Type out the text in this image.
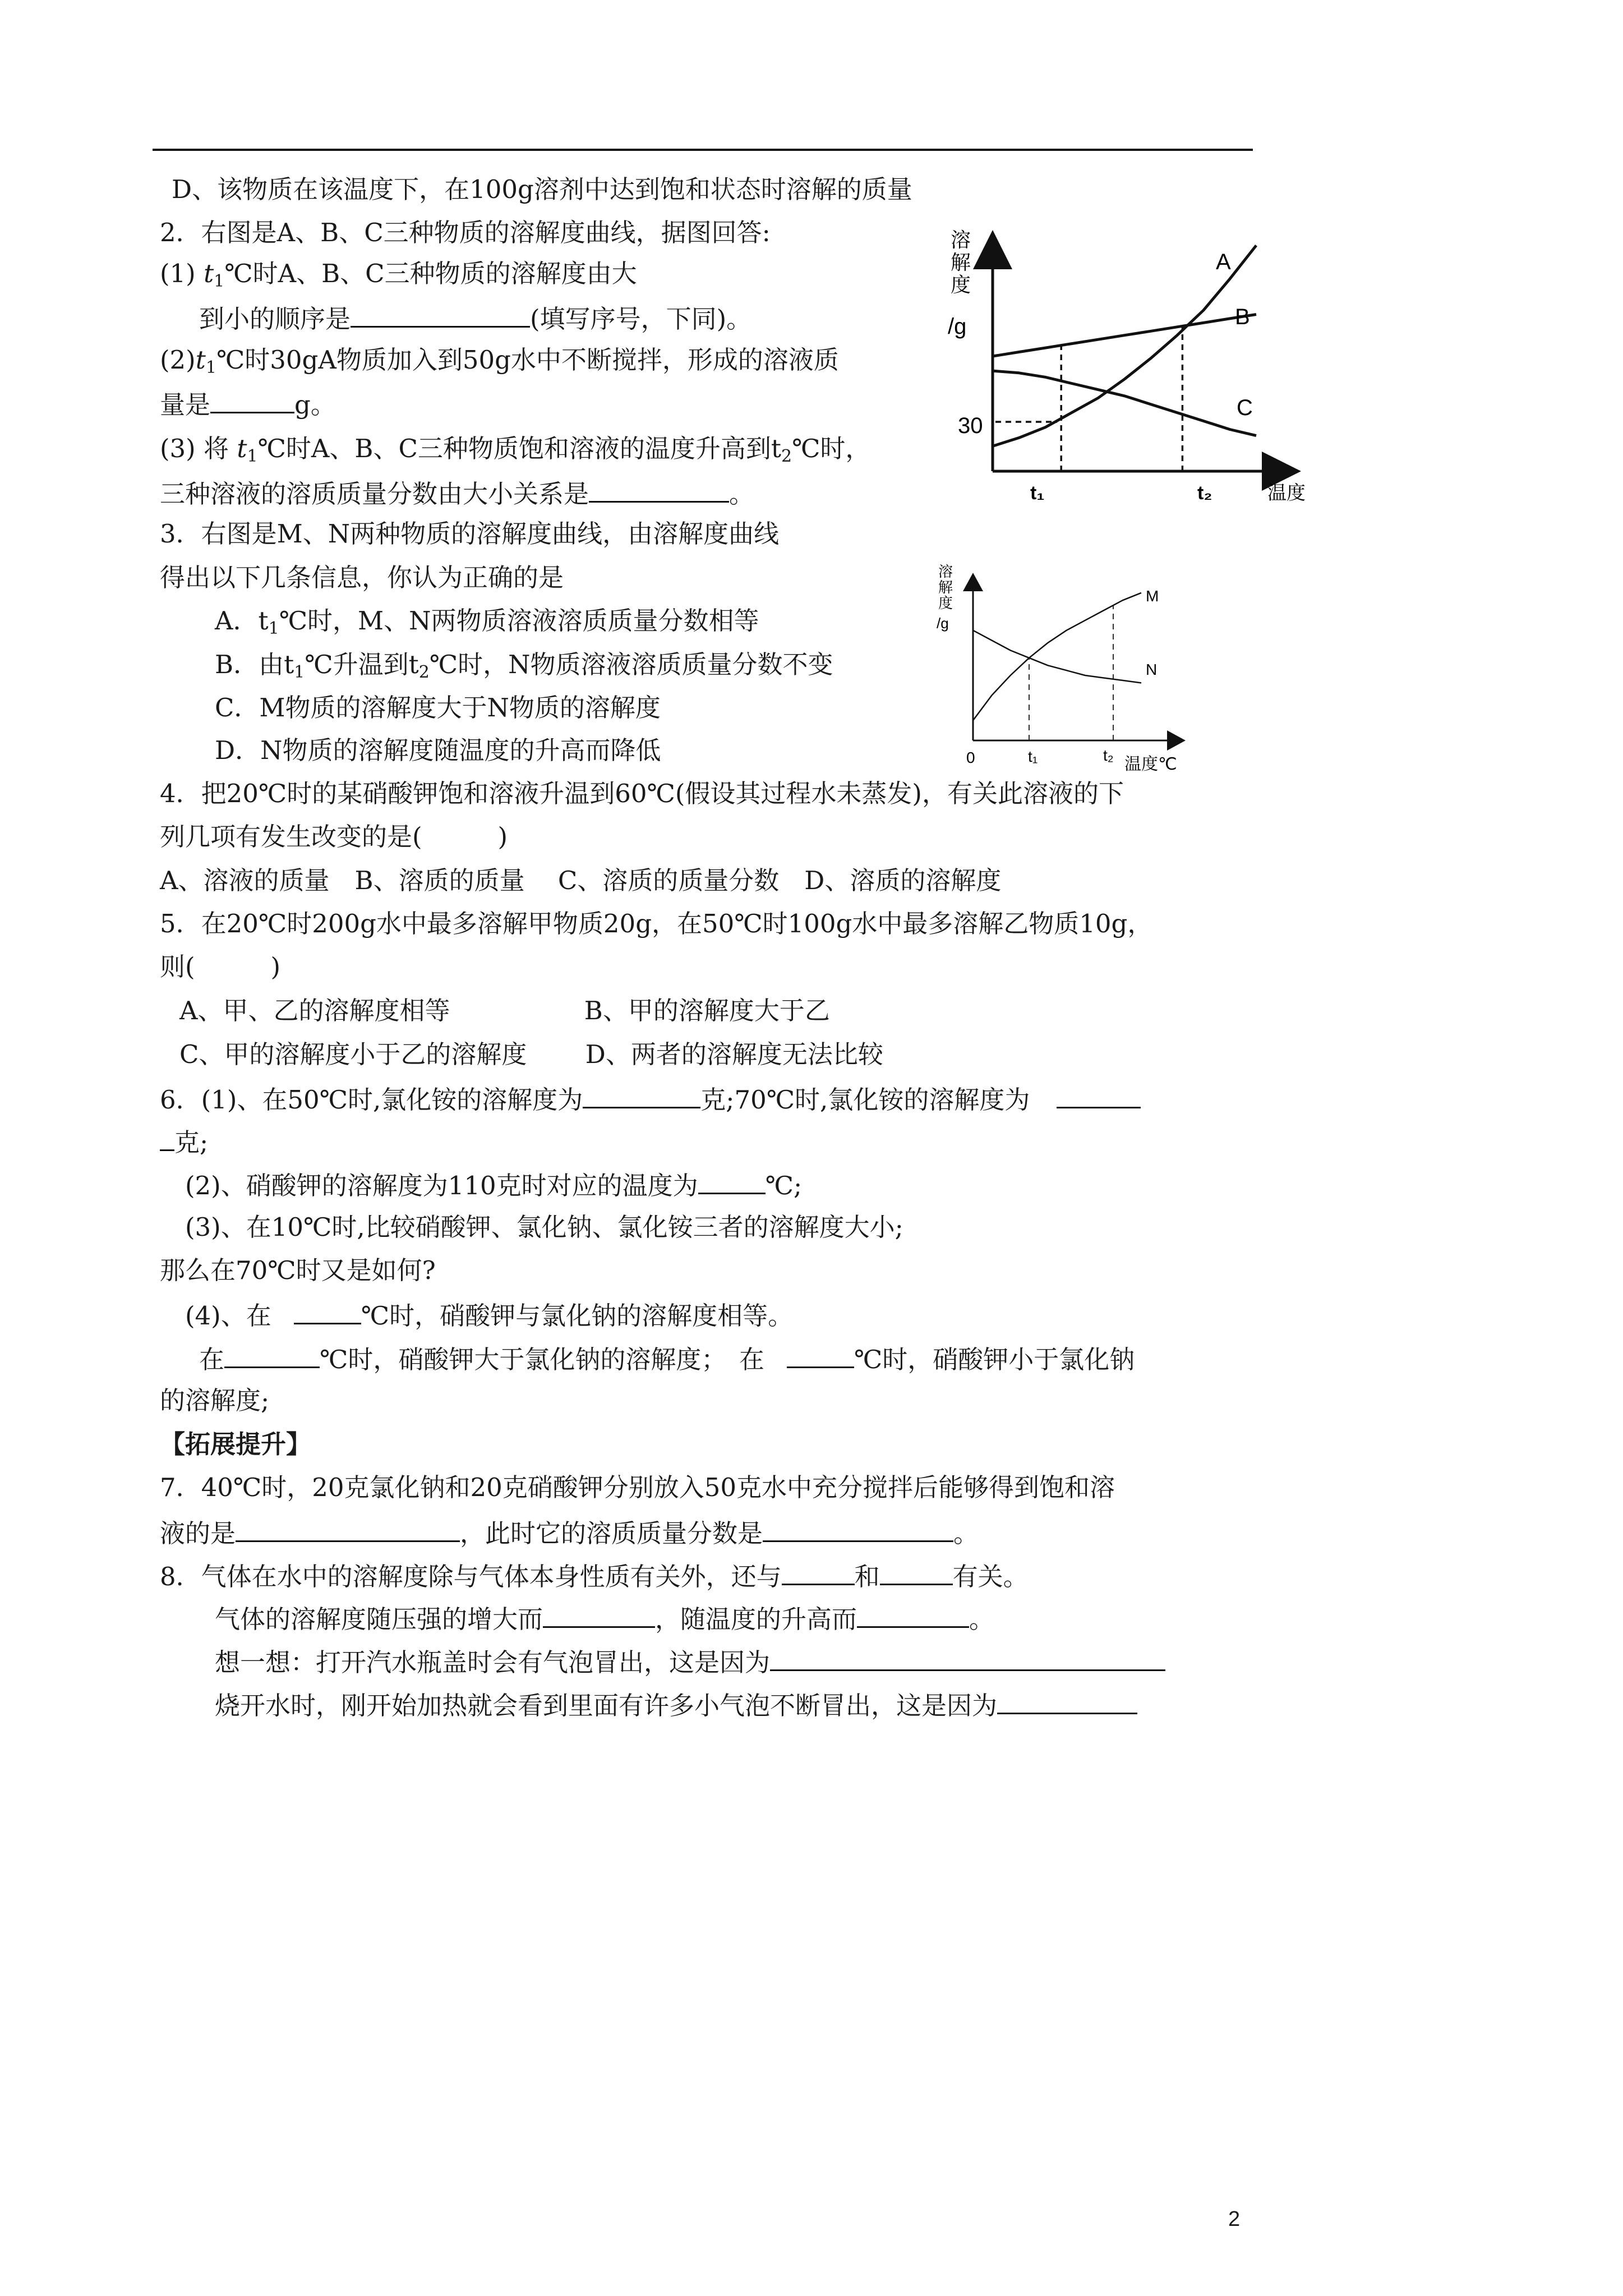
D、该物质在该温度下，在100g溶剂中达到饱和状态时溶解的质量
2．右图是A、B、C三种物质的溶解度曲线，据图回答:
(1) $t_1℃$时A、B、C三种物质的溶解度由大
到小的顺序是	(填写序号，下同)。
$(2)t_1℃$时30gA物质加入到50g水中不断搅拌，形成的溶液质
量是	g。
(3) 将 $t_1℃$时A、B、C三种物质饱和溶液的温度升高到$t_2℃$时，
三种溶液的溶质质量分数由大小关系是	。
溶
解
度
/g
30
t₁	t₂	温度
A
B
C
3．右图是M、N两种物质的溶解度曲线，由溶解度曲线
得出以下几条信息，你认为正确的是
A．$t_1℃$时，M、N两物质溶液溶质质量分数相等
B．由$t_1℃$升温到$t_2℃$时，N物质溶液溶质质量分数不变
C．M物质的溶解度大于N物质的溶解度
D．N物质的溶解度随温度的升高而降低
溶
解
度
/g
0	t₁	t₂ 温度℃
M
N
4．把20℃时的某硝酸钾饱和溶液升温到60℃(假设其过程水未蒸发)，有关此溶液的下
列几项有发生改变的是(　　　)
A、溶液的质量　B、溶质的质量　 C、溶质的质量分数　D、溶质的溶解度
5．在20℃时200g水中最多溶解甲物质20g，在50℃时100g水中最多溶解乙物质10g，
则(　　　)
A、甲、乙的溶解度相等　　　　　 B、甲的溶解度大于乙
C、甲的溶解度小于乙的溶解度　　 D、两者的溶解度无法比较
6．(1)、在50℃时,氯化铵的溶解度为	克;70℃时,氯化铵的溶解度为
克;
(2)、硝酸钾的溶解度为110克时对应的温度为	℃;
(3)、在10℃时,比较硝酸钾、氯化钠、氯化铵三者的溶解度大小;
那么在70℃时又是如何?
(4)、在	℃时，硝酸钾与氯化钠的溶解度相等。
在	℃时，硝酸钾大于氯化钠的溶解度；　在	℃时，硝酸钾小于氯化钠
的溶解度;
【拓展提升】
7．40℃时，20克氯化钠和20克硝酸钾分别放入50克水中充分搅拌后能够得到饱和溶
液的是	，此时它的溶质质量分数是	。
8．气体在水中的溶解度除与气体本身性质有关外，还与	和	有关。
气体的溶解度随压强的增大而	，随温度的升高而	。
想一想：打开汽水瓶盖时会有气泡冒出，这是因为
烧开水时，刚开始加热就会看到里面有许多小气泡不断冒出，这是因为
2
